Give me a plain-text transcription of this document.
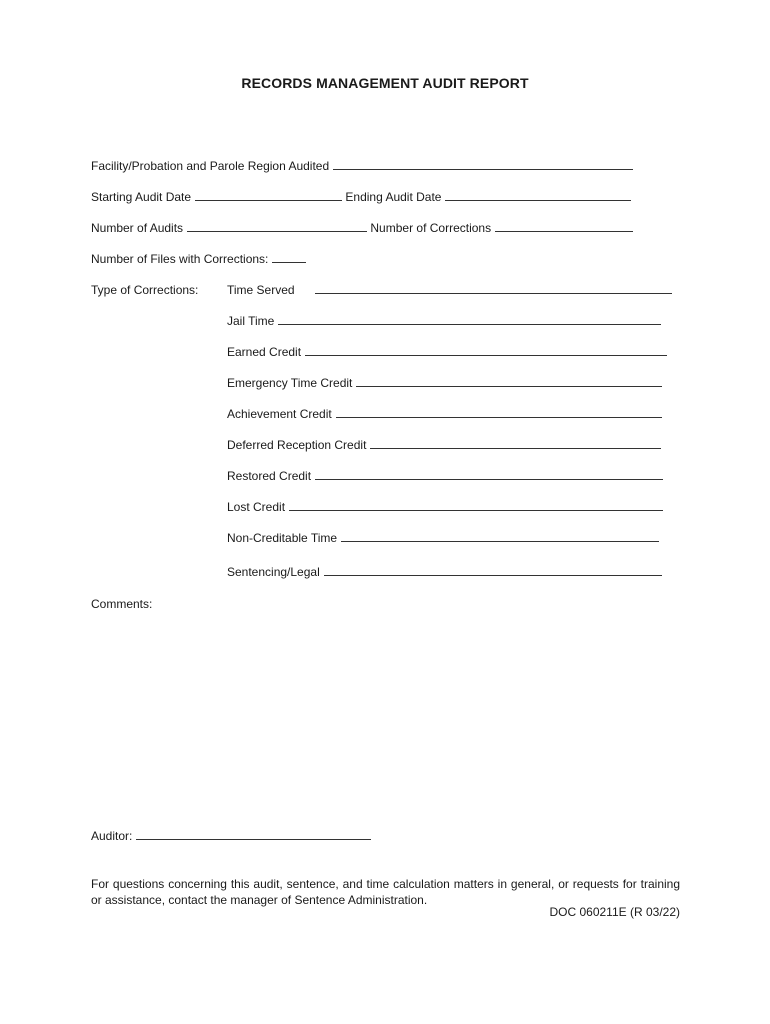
RECORDS MANAGEMENT AUDIT REPORT
Facility/Probation and Parole Region Audited
Starting Audit Date	Ending Audit Date
Number of Audits	Number of Corrections
Number of Files with Corrections:
Type of Corrections: Time Served
Jail Time
Earned Credit
Emergency Time Credit
Achievement Credit
Deferred Reception Credit
Restored Credit
Lost Credit
Non-Creditable Time
Sentencing/Legal
Comments:
Auditor:
For questions concerning this audit, sentence, and time calculation matters in general, or requests for training or assistance, contact the manager of Sentence Administration.
DOC 060211E (R 03/22)
